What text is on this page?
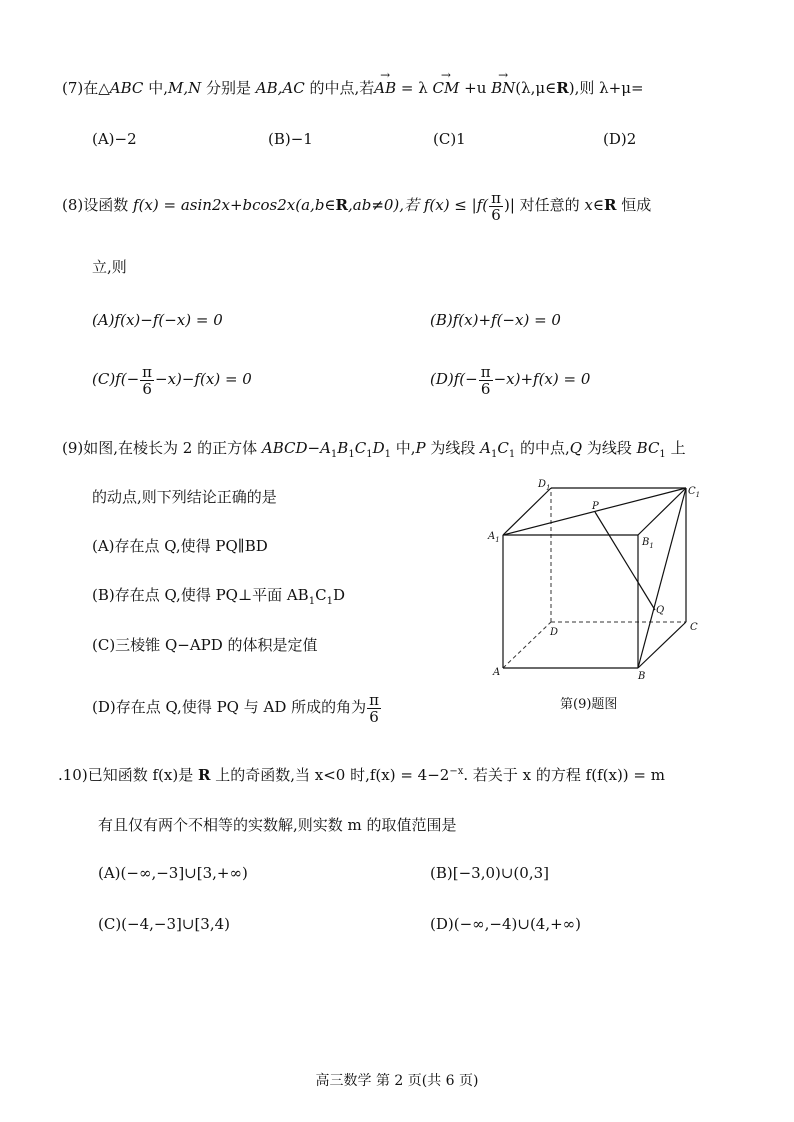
(7)在△ABC 中,M,N 分别是 AB,AC 的中点,若→ AB = λ → CM +u → BN(λ,μ∈R),则 λ+μ=
(A)−2	(B)−1	(C)1	(D)2
(8)设函数 f(x) = asin2x+bcos2x(a,b∈R,ab≠0),若 $f(x) \le |f( \frac{\pi}{6}$ )| 对任意的 x∈R 恒成
立,则
(A)f(x)−f(−x) = 0	(B)f(x)+f(−x) = 0
$(C)f(- \frac{\pi}{6} -x)-f(x) = 0$	$(D)f(- \frac{\pi}{6} -x)+f(x) = 0$
(9)如图,在棱长为 2 的正方体 $ABCD-A_1B_1C_1D_1$ 中,P 为线段 $A_1C_1$ 的中点,Q 为线段 $BC_1$ 上
的动点,则下列结论正确的是
(A)存在点 Q,使得 PQ∥BD
(B)存在点 Q,使得 PQ⊥平面 $AB_1C_1D$
(C)三棱锥 Q−APD 的体积是定值
(D)存在点 Q,使得 PQ 与 AD 所成的角为 $\frac{\pi}{6}$
$D_1$	$C_1$
$A_1$	$B_1$
P
Q
D	C
A	B
第(9)题图
.10)已知函数 f(x)是 R 上的奇函数,当 x<0 时$,f(x) = 4-2^{-x}$. 若关于 x 的方程 f(f(x)) = m
有且仅有两个不相等的实数解,则实数 m 的取值范围是
(A)(−∞,−3]∪[3,+∞)	(B)[−3,0)∪(0,3]
(C)(−4,−3]∪[3,4)	(D)(−∞,−4)∪(4,+∞)
高三数学 第 2 页(共 6 页)
